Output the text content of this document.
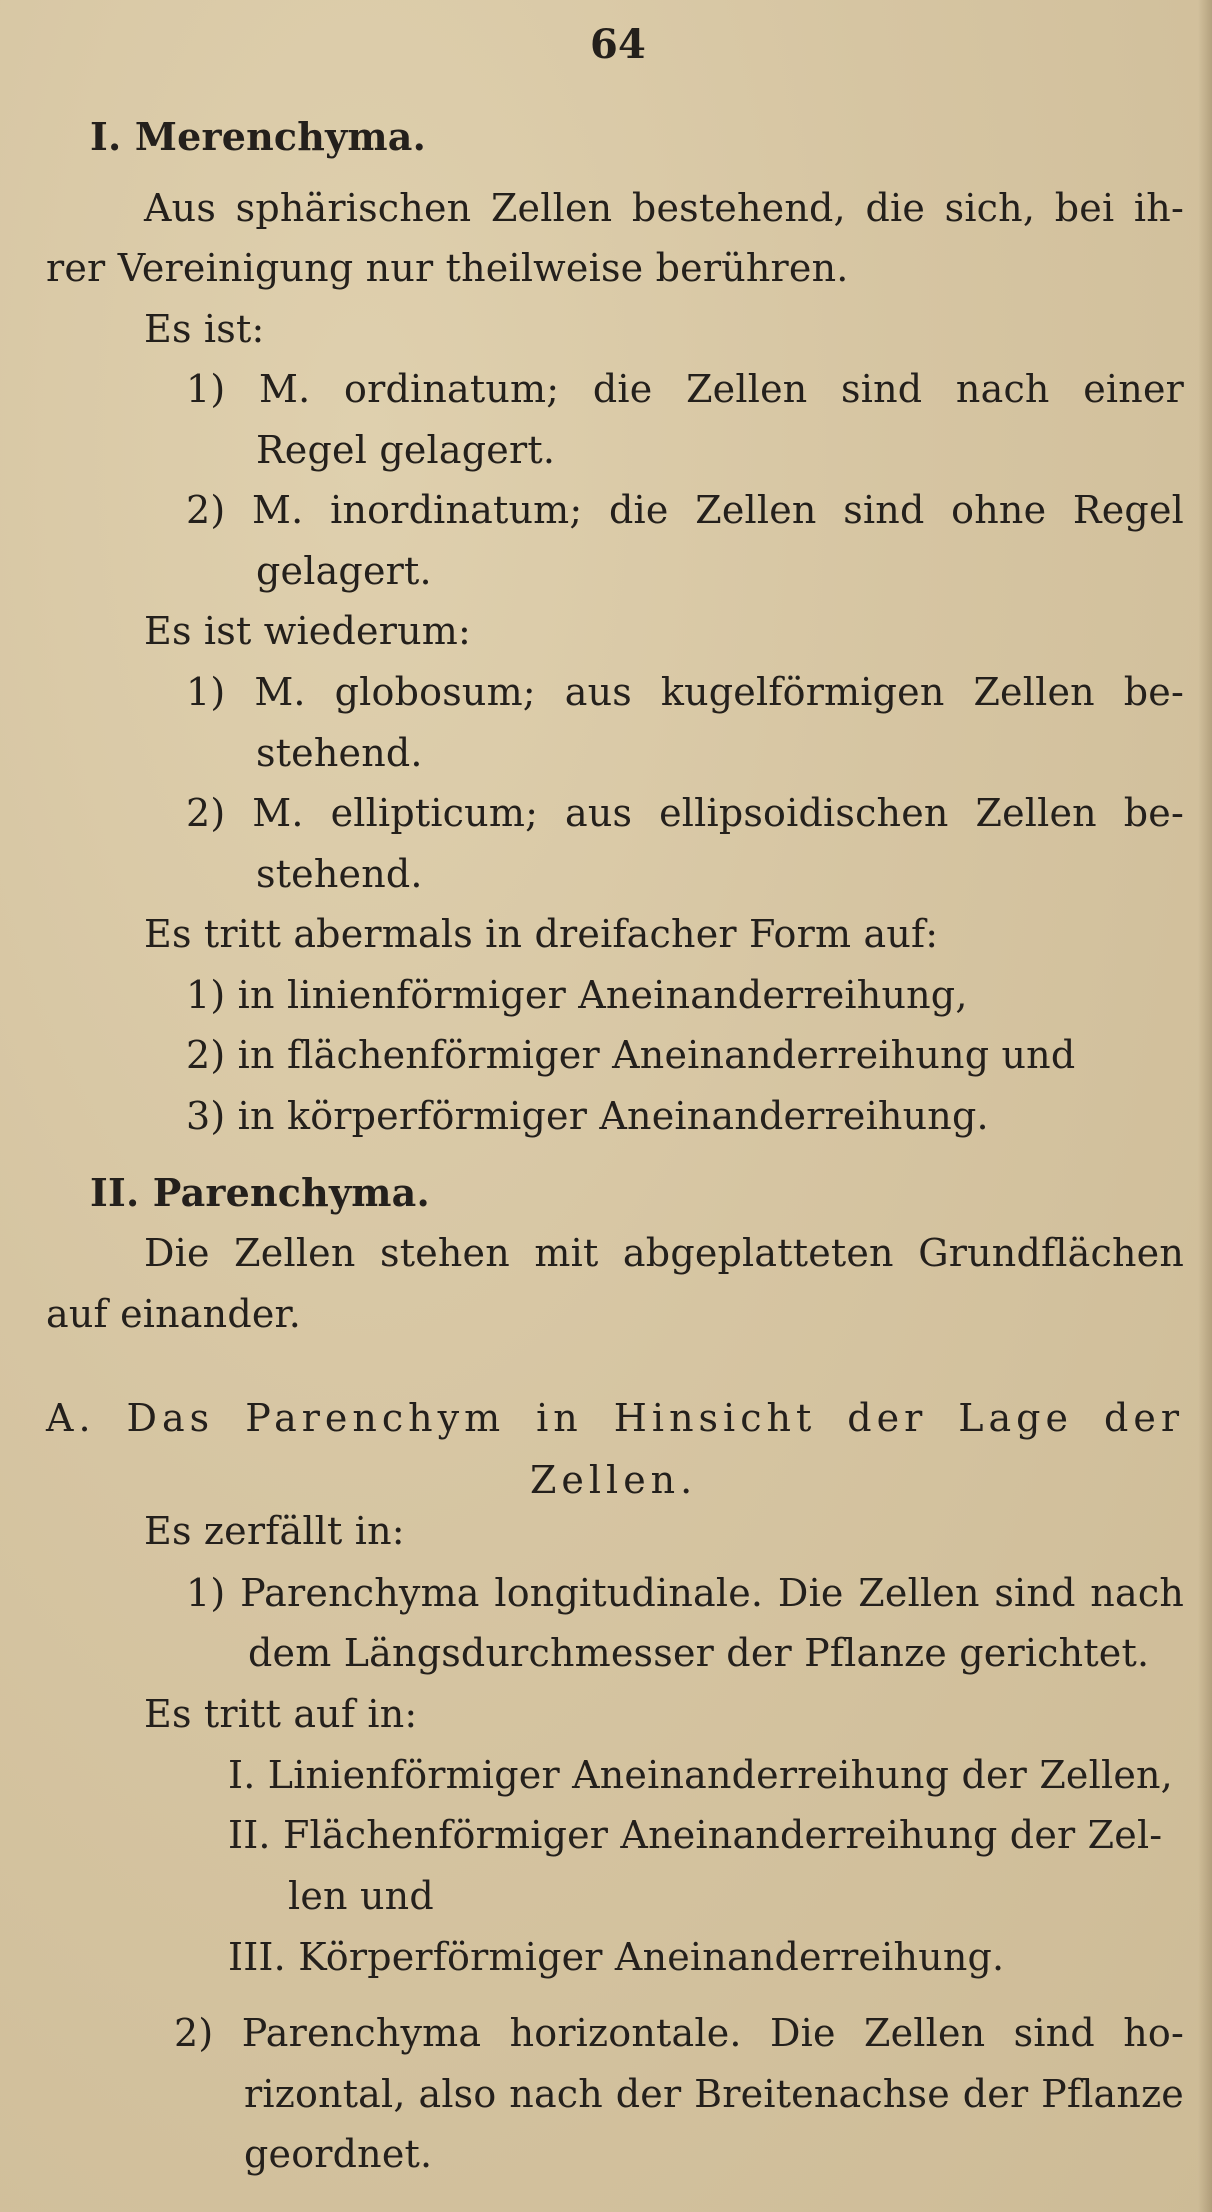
64
I. Merenchyma.
Aus sphärischen Zellen bestehend, die sich, bei ih-
rer Vereinigung nur theilweise berühren.
Es ist:
1) M. ordinatum; die Zellen sind nach einer
Regel gelagert.
2) M. inordinatum; die Zellen sind ohne Regel
gelagert.
Es ist wiederum:
1) M. globosum; aus kugelförmigen Zellen be-
stehend.
2) M. ellipticum; aus ellipsoidischen Zellen be-
stehend.
Es tritt abermals in dreifacher Form auf:
1) in linienförmiger Aneinanderreihung,
2) in flächenförmiger Aneinanderreihung und
3) in körperförmiger Aneinanderreihung.
II. Parenchyma.
Die Zellen stehen mit abgeplatteten Grundflächen
auf einander.
A. Das Parenchym in Hinsicht der Lage der
Zellen.
Es zerfällt in:
1) Parenchyma longitudinale. Die Zellen sind nach
dem Längsdurchmesser der Pflanze gerichtet.
Es tritt auf in:
I. Linienförmiger Aneinanderreihung der Zellen,
II. Flächenförmiger Aneinanderreihung der Zel-
len und
III. Körperförmiger Aneinanderreihung.
2) Parenchyma horizontale. Die Zellen sind ho-
rizontal, also nach der Breitenachse der Pflanze
geordnet.
